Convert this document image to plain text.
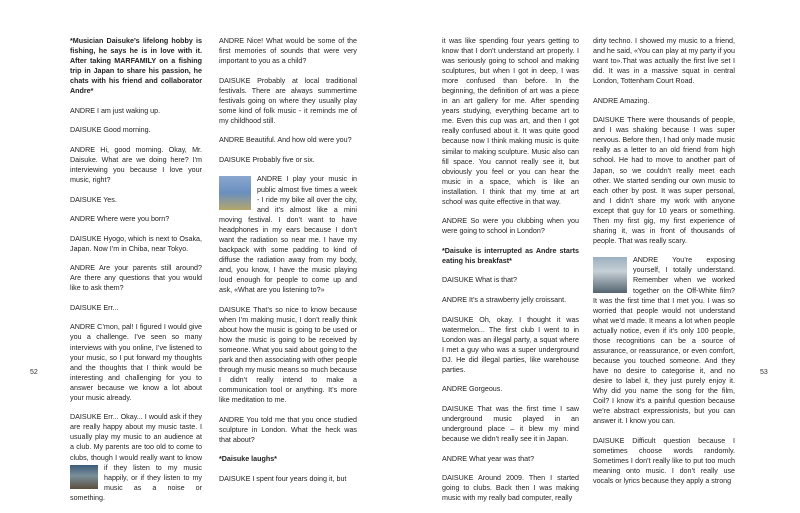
52	53

*Musician Daisuke’s lifelong hobby is fishing, he says he is in love with it. After taking MARFAMILY on a fishing trip in Japan to share his passion, he chats with his friend and collaborator Andre*

ANDRE I am just waking up.

DAISUKE Good morning.

ANDRE Hi, good morning. Okay, Mr. Daisuke. What are we doing here? I’m interviewing you because I love your music, right?

DAISUKE Yes.

ANDRE Where were you born?

DAISUKE Hyogo, which is next to Osaka, Japan. Now I’m in Chiba, near Tokyo.

ANDRE Are your parents still around? Are there any questions that you would like to ask them?

DAISUKE Err...

ANDRE C’mon, pal! I figured I would give you a challenge. I’ve seen so many interviews with you online, I’ve listened to your music, so I put forward my thoughts and the thoughts that I think would be interesting and challenging for you to answer because we know a lot about your music already.

DAISUKE Err... Okay... I would ask if they are really happy about my music taste. I usually play my music to an audience at a club. My parents are too old to come to clubs, though I would really want to know if they listen to my music happily, or if they listen to my music as a noise or something.

ANDRE Nice! What would be some of the first memories of sounds that were very important to you as a child?

DAISUKE Probably at local traditional festivals. There are always summertime festivals going on where they usually play some kind of folk music - it reminds me of my childhood still.

ANDRE Beautiful. And how old were you?

DAISUKE Probably five or six.

ANDRE I play your music in public almost five times a week - I ride my bike all over the city, and it’s almost like a mini moving festival. I don’t want to have headphones in my ears because I don’t want the radiation so near me. I have my backpack with some padding to kind of diffuse the radiation away from my body, and, you know, I have the music playing loud enough for people to come up and ask, «What are you listening to?»

DAISUKE That’s so nice to know because when I’m making music, I don’t really think about how the music is going to be used or how the music is going to be received by someone. What you said about going to the park and then associating with other people through my music means so much because I didn’t really intend to make a communication tool or anything. It’s more like meditation to me.

ANDRE You told me that you once studied sculpture in London. What the heck was that about?

*Daisuke laughs*

DAISUKE I spent four years doing it, but

it was like spending four years getting to know that I don’t understand art properly. I was seriously going to school and making sculptures, but when I got in deep, I was more confused than before. In the beginning, the definition of art was a piece in an art gallery for me. After spending years studying, everything became art to me. Even this cup was art, and then I got really confused about it. It was quite good because now I think making music is quite similar to making sculpture. Music also can fill space. You cannot really see it, but obviously you feel or you can hear the music in a space, which is like an installation. I think that my time at art school was quite effective in that way.

ANDRE So were you clubbing when you were going to school in London?

*Daisuke is interrupted as Andre starts eating his breakfast*

DAISUKE What is that?

ANDRE It’s a strawberry jelly croissant.

DAISUKE Oh, okay. I thought it was watermelon... The first club I went to in London was an illegal party, a squat where I met a guy who was a super underground DJ. He did illegal parties, like warehouse parties.

ANDRE Gorgeous.

DAISUKE That was the first time I saw underground music played in an underground place – it blew my mind because we didn’t really see it in Japan.

ANDRE What year was that?

DAISUKE Around 2009. Then I started going to clubs. Back then I was making music with my really bad computer, really

dirty techno. I showed my music to a friend, and he said, «You can play at my party if you want to».That was actually the first live set I did. It was in a massive squat in central London, Tottenham Court Road.

ANDRE Amazing.

DAISUKE There were thousands of people, and I was shaking because I was super nervous. Before then, I had only made music really as a letter to an old friend from high school. He had to move to another part of Japan, so we couldn’t really meet each other. We started sending our own music to each other by post. It was super personal, and I didn’t share my work with anyone except that guy for 10 years or something. Then my first gig, my first experience of sharing it, was in front of thousands of people. That was really scary.

ANDRE You’re exposing yourself, I totally understand. Remember when we worked together on the Off-White film? It was the first time that I met you. I was so worried that people would not understand what we’d made. It means a lot when people actually notice, even if it’s only 100 people, those recognitions can be a source of assurance, or reassurance, or even comfort, because you touched someone. And they have no desire to categorise it, and no desire to label it, they just purely enjoy it. Why did you name the song for the film, Coil? I know it’s a painful question because we’re abstract expressionists, but you can answer it. I know you can.

DAISUKE Difficult question because I sometimes choose words randomly. Sometimes I don’t really like to put too much meaning onto music. I don’t really use vocals or lyrics because they apply a strong
